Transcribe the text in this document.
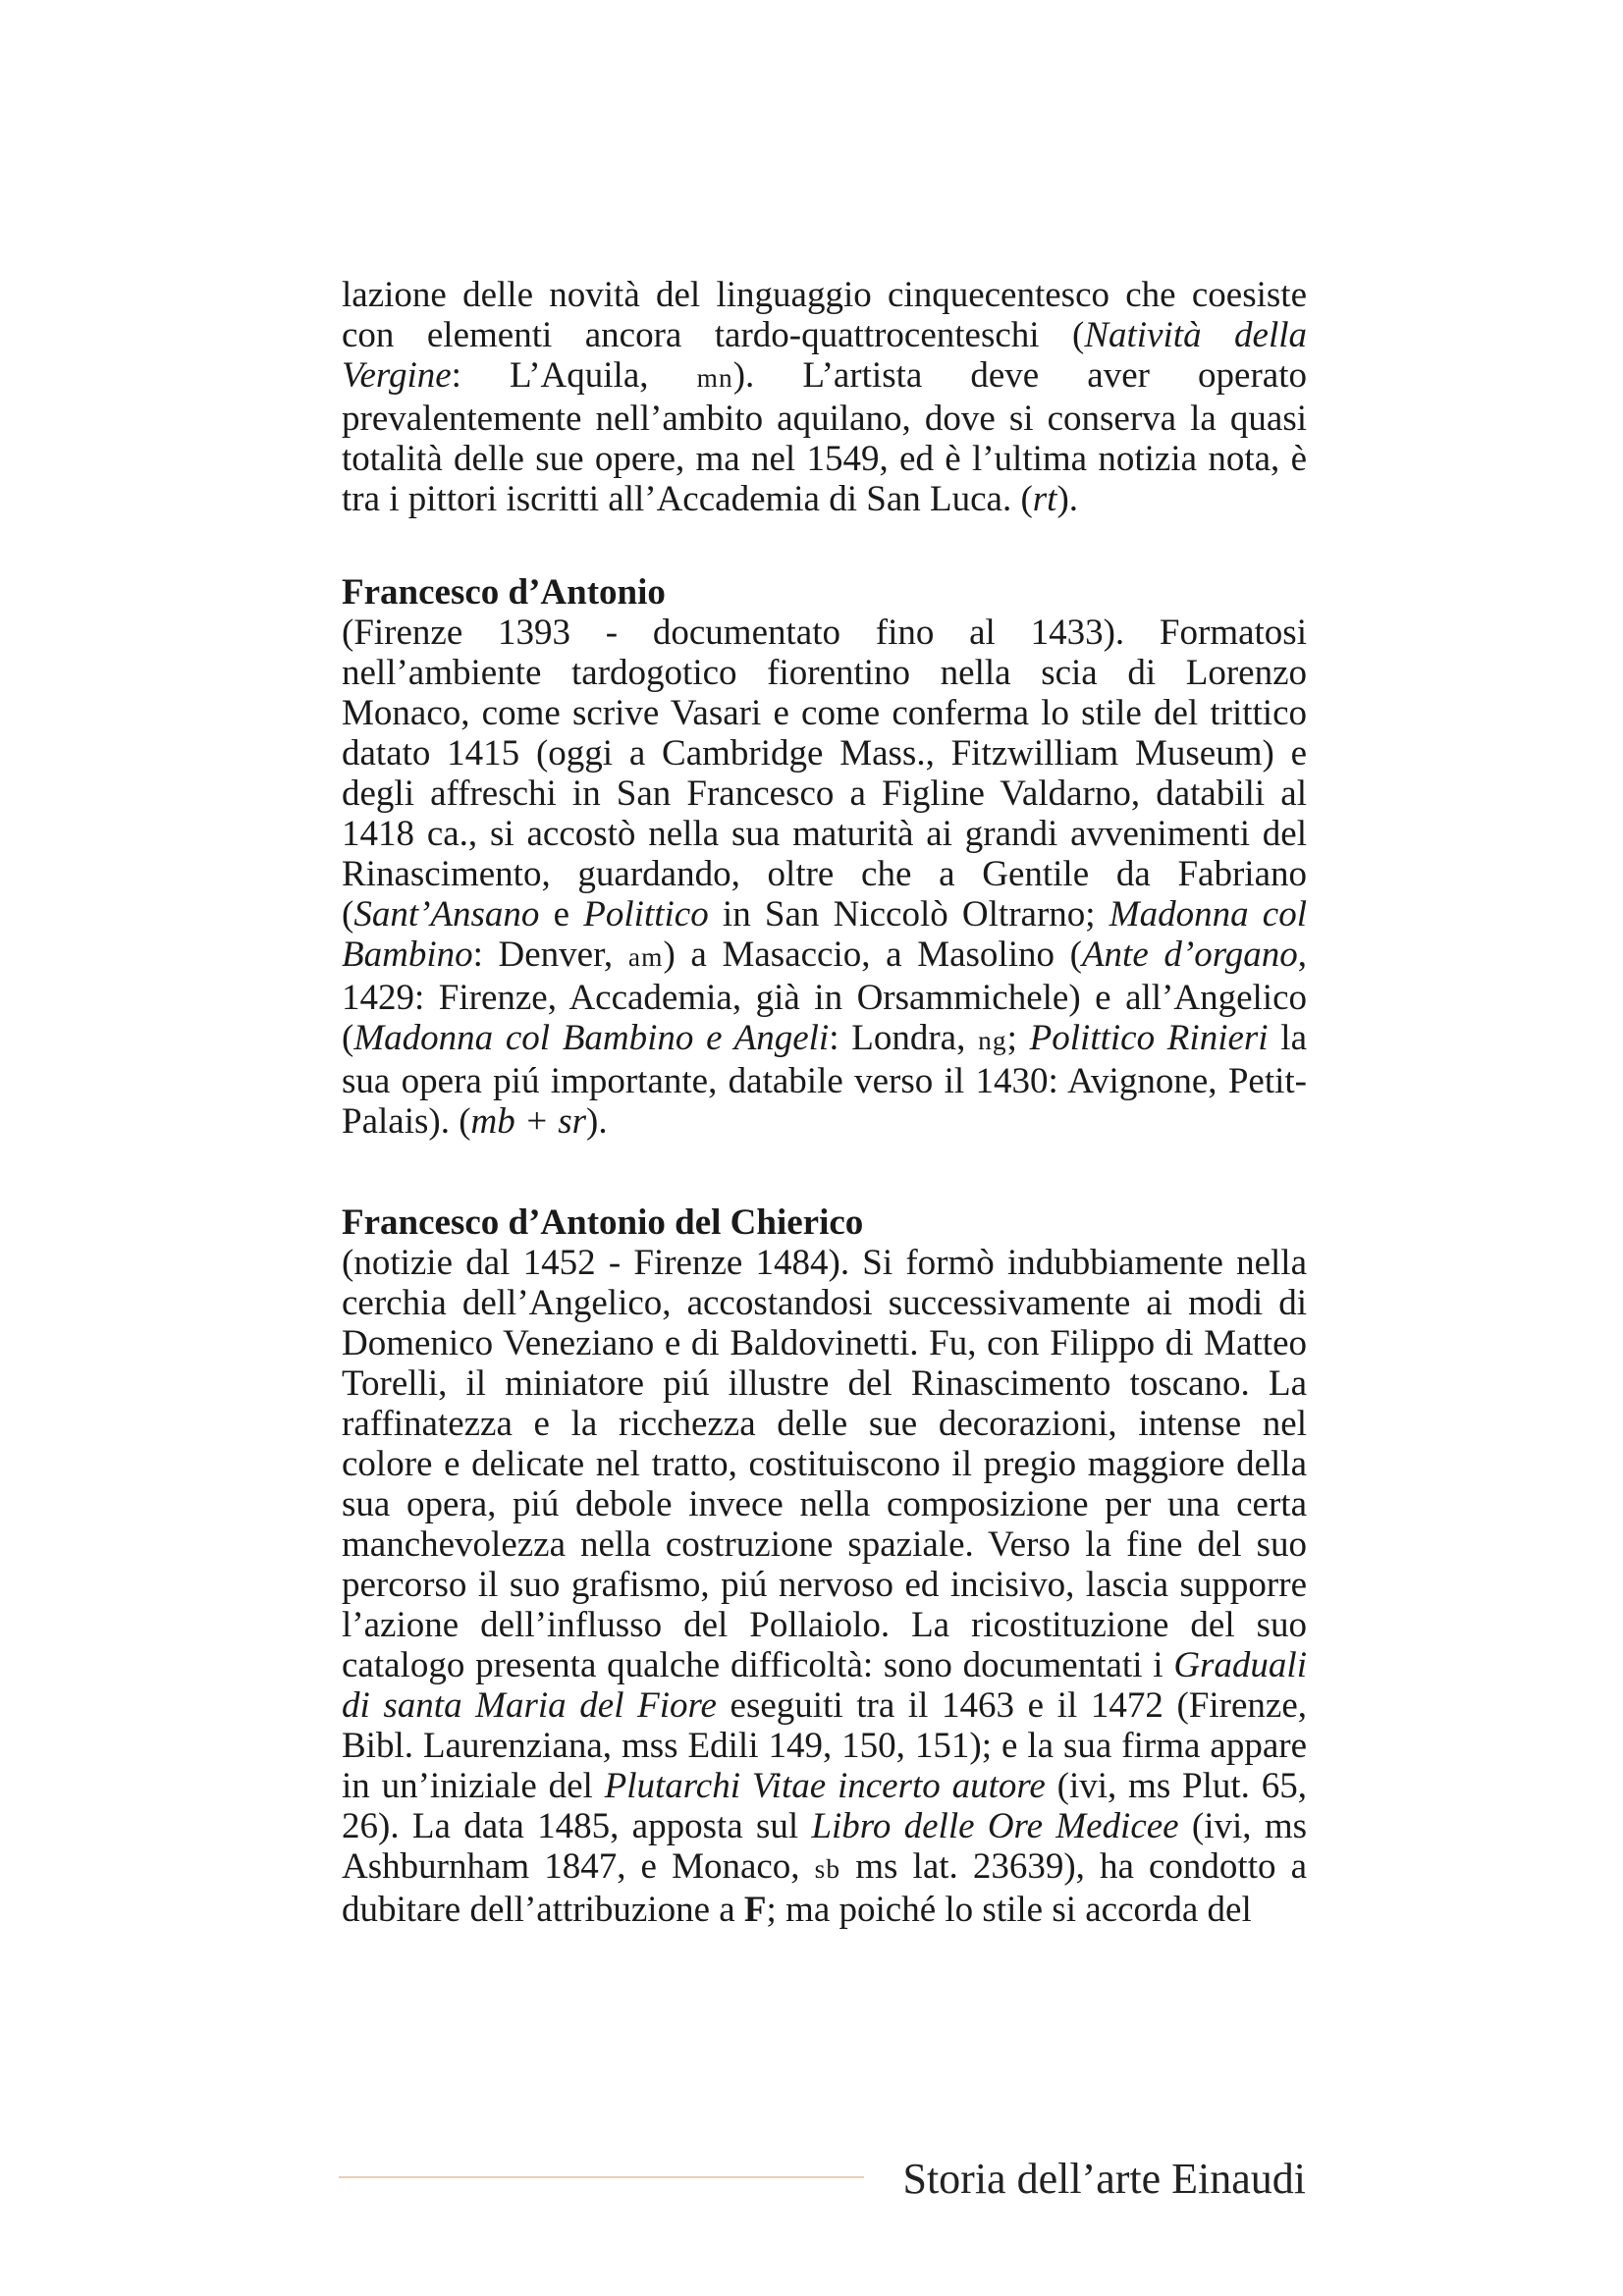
lazione delle novità del linguaggio cinquecentesco che coesiste con elementi ancora tardo-quattrocenteschi (Natività della Vergine: L’Aquila, mn). L’artista deve aver operato prevalentemente nell’ambito aquilano, dove si conserva la quasi totalità delle sue opere, ma nel 1549, ed è l’ultima notizia nota, è tra i pittori iscritti all’Accademia di San Luca. (rt).

Francesco d’Antonio

(Firenze 1393 - documentato fino al 1433). Formatosi nell’ambiente tardogotico fiorentino nella scia di Lorenzo Monaco, come scrive Vasari e come conferma lo stile del trittico datato 1415 (oggi a Cambridge Mass., Fitzwilliam Museum) e degli affreschi in San Francesco a Figline Valdarno, databili al 1418 ca., si accostò nella sua maturità ai grandi avvenimenti del Rinascimento, guardando, oltre che a Gentile da Fabriano (Sant’Ansano e Polittico in San Niccolò Oltrarno; Madonna col Bambino: Denver, am) a Masaccio, a Masolino (Ante d’organo, 1429: Firenze, Accademia, già in Orsammichele) e all’Angelico (Madonna col Bambino e Angeli: Londra, ng; Polittico Rinieri la sua opera piú importante, databile verso il 1430: Avignone, Petit-Palais). (mb + sr).

Francesco d’Antonio del Chierico

(notizie dal 1452 - Firenze 1484). Si formò indubbiamente nella cerchia dell’Angelico, accostandosi successivamente ai modi di Domenico Veneziano e di Baldovinetti. Fu, con Filippo di Matteo Torelli, il miniatore piú illustre del Rinascimento toscano. La raffinatezza e la ricchezza delle sue decorazioni, intense nel colore e delicate nel tratto, costituiscono il pregio maggiore della sua opera, piú debole invece nella composizione per una certa manchevolezza nella costruzione spaziale. Verso la fine del suo percorso il suo grafismo, piú nervoso ed incisivo, lascia supporre l’azione dell’influsso del Pollaiolo. La ricostituzione del suo catalogo presenta qualche difficoltà: sono documentati i Graduali di santa Maria del Fiore eseguiti tra il 1463 e il 1472 (Firenze, Bibl. Laurenziana, mss Edili 149, 150, 151); e la sua firma appare in un’iniziale del Plutarchi Vitae incerto autore (ivi, ms Plut. 65, 26). La data 1485, apposta sul Libro delle Ore Medicee (ivi, ms Ashburnham 1847, e Monaco, sb ms lat. 23639), ha condotto a dubitare dell’attribuzione a F; ma poiché lo stile si accorda del

Storia dell’arte Einaudi
